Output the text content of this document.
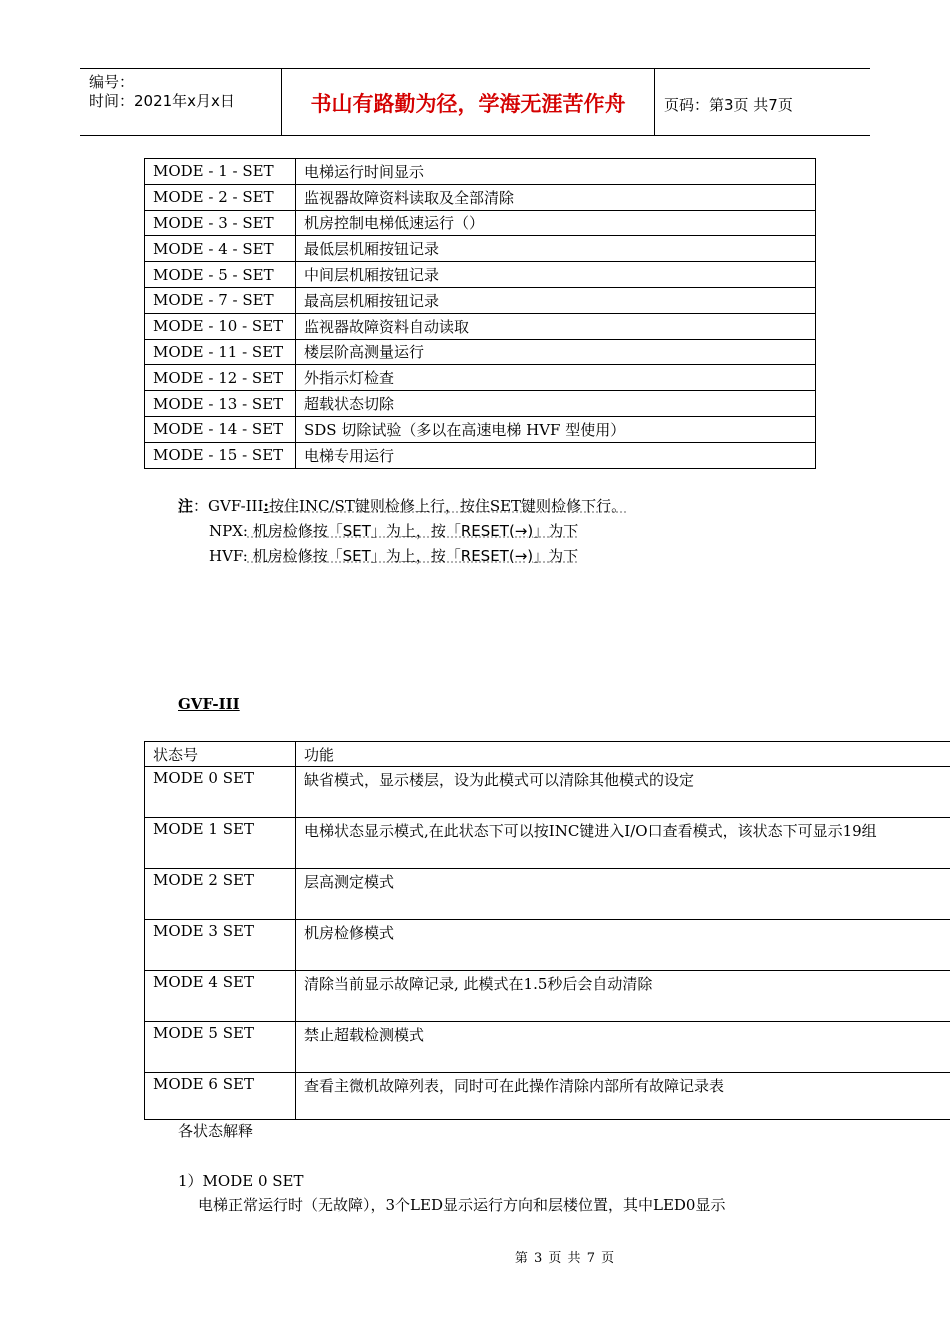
编号：
时间：2021年x月x日	书山有路勤为径，学海无涯苦作舟	页码：第3页 共7页
MODE - 1 - SET	电梯运行时间显示
MODE - 2 - SET	监视器故障资料读取及全部清除
MODE - 3 - SET	机房控制电梯低速运行（）
MODE - 4 - SET	最低层机厢按钮记录
MODE - 5 - SET	中间层机厢按钮记录
MODE - 7 - SET	最高层机厢按钮记录
MODE - 10 - SET	监视器故障资料自动读取
MODE - 11 - SET	楼层阶高测量运行
MODE - 12 - SET	外指示灯检查
MODE - 13 - SET	超载状态切除
MODE - 14 - SET	SDS 切除试验（多以在高速电梯 HVF 型使用）
MODE - 15 - SET	电梯专用运行
注：GVF-III:按住INC/ST键则检修上行，按住SET键则检修下行。
NPX: 机房检修按「SET」为上，按「RESET(→)」为下
HVF: 机房检修按「SET」为上，按「RESET(→)」为下
GVF-III
状态号	功能
MODE 0 SET	缺省模式，显示楼层，设为此模式可以清除其他模式的设定
MODE 1 SET	电梯状态显示模式,在此状态下可以按INC键进入I/O口查看模式，该状态下可显示19组
MODE 2 SET	层高测定模式
MODE 3 SET	机房检修模式
MODE 4 SET	清除当前显示故障记录, 此模式在1.5秒后会自动清除
MODE 5 SET	禁止超载检测模式
MODE 6 SET	查看主微机故障列表，同时可在此操作清除内部所有故障记录表
各状态解释
1）MODE 0 SET
电梯正常运行时（无故障），3个LED显示运行方向和层楼位置，其中LED0显示
第 3 页 共 7 页
